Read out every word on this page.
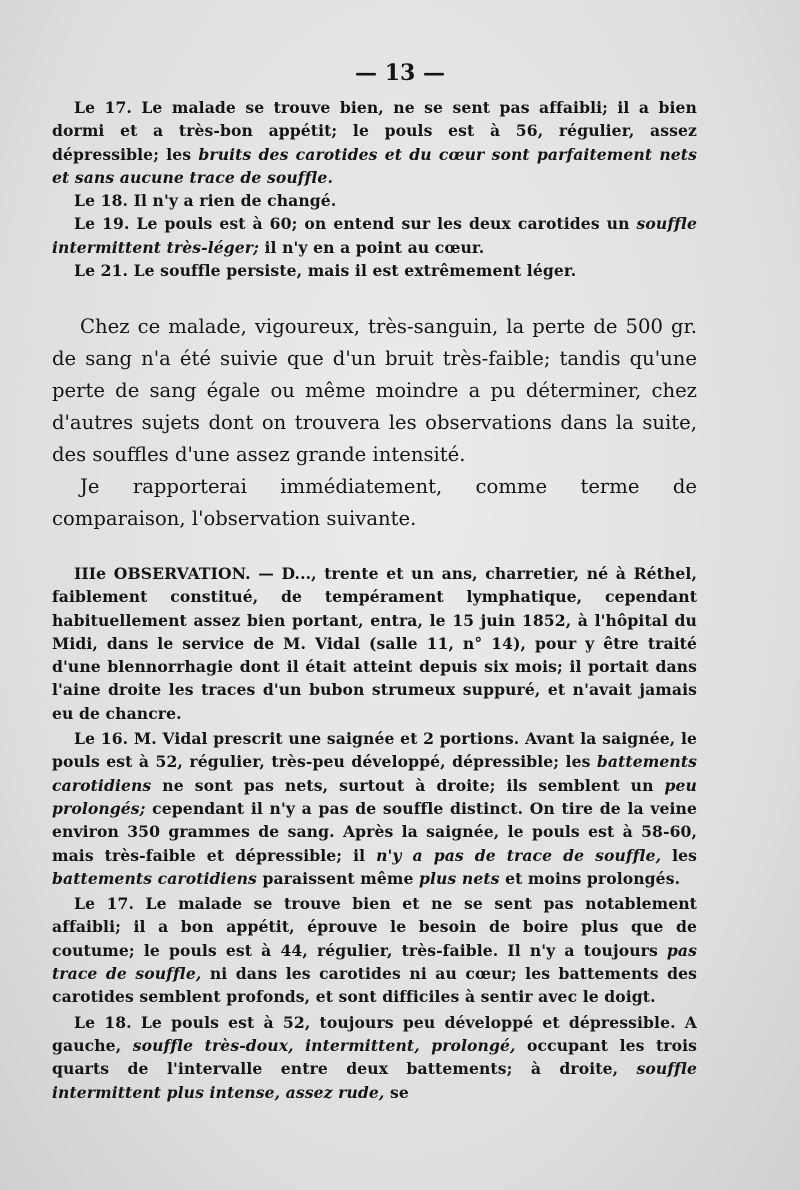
— 13 —

Le 17. Le malade se trouve bien, ne se sent pas affaibli; il a bien dormi et a très-bon appétit; le pouls est à 56, régulier, assez dépressible; les bruits des carotides et du cœur sont parfaitement nets et sans aucune trace de souffle.

Le 18. Il n'y a rien de changé.

Le 19. Le pouls est à 60; on entend sur les deux carotides un souffle intermittent très-léger; il n'y en a point au cœur.

Le 21. Le souffle persiste, mais il est extrêmement léger.

Chez ce malade, vigoureux, très-sanguin, la perte de 500 gr. de sang n'a été suivie que d'un bruit très-faible; tandis qu'une perte de sang égale ou même moindre a pu déterminer, chez d'autres sujets dont on trouvera les observations dans la suite, des souffles d'une assez grande intensité.

Je rapporterai immédiatement, comme terme de comparaison, l'observation suivante.

IIIe OBSERVATION. — D..., trente et un ans, charretier, né à Réthel, faiblement constitué, de tempérament lymphatique, cependant habituellement assez bien portant, entra, le 15 juin 1852, à l'hôpital du Midi, dans le service de M. Vidal (salle 11, n° 14), pour y être traité d'une blennorrhagie dont il était atteint depuis six mois; il portait dans l'aine droite les traces d'un bubon strumeux suppuré, et n'avait jamais eu de chancre.

Le 16. M. Vidal prescrit une saignée et 2 portions. Avant la saignée, le pouls est à 52, régulier, très-peu développé, dépressible; les battements carotidiens ne sont pas nets, surtout à droite; ils semblent un peu prolongés; cependant il n'y a pas de souffle distinct. On tire de la veine environ 350 grammes de sang. Après la saignée, le pouls est à 58-60, mais très-faible et dépressible; il n'y a pas de trace de souffle, les battements carotidiens paraissent même plus nets et moins prolongés.

Le 17. Le malade se trouve bien et ne se sent pas notablement affaibli; il a bon appétit, éprouve le besoin de boire plus que de coutume; le pouls est à 44, régulier, très-faible. Il n'y a toujours pas trace de souffle, ni dans les carotides ni au cœur; les battements des carotides semblent profonds, et sont difficiles à sentir avec le doigt.

Le 18. Le pouls est à 52, toujours peu développé et dépressible. A gauche, souffle très-doux, intermittent, prolongé, occupant les trois quarts de l'intervalle entre deux battements; à droite, souffle intermittent plus intense, assez rude, se
